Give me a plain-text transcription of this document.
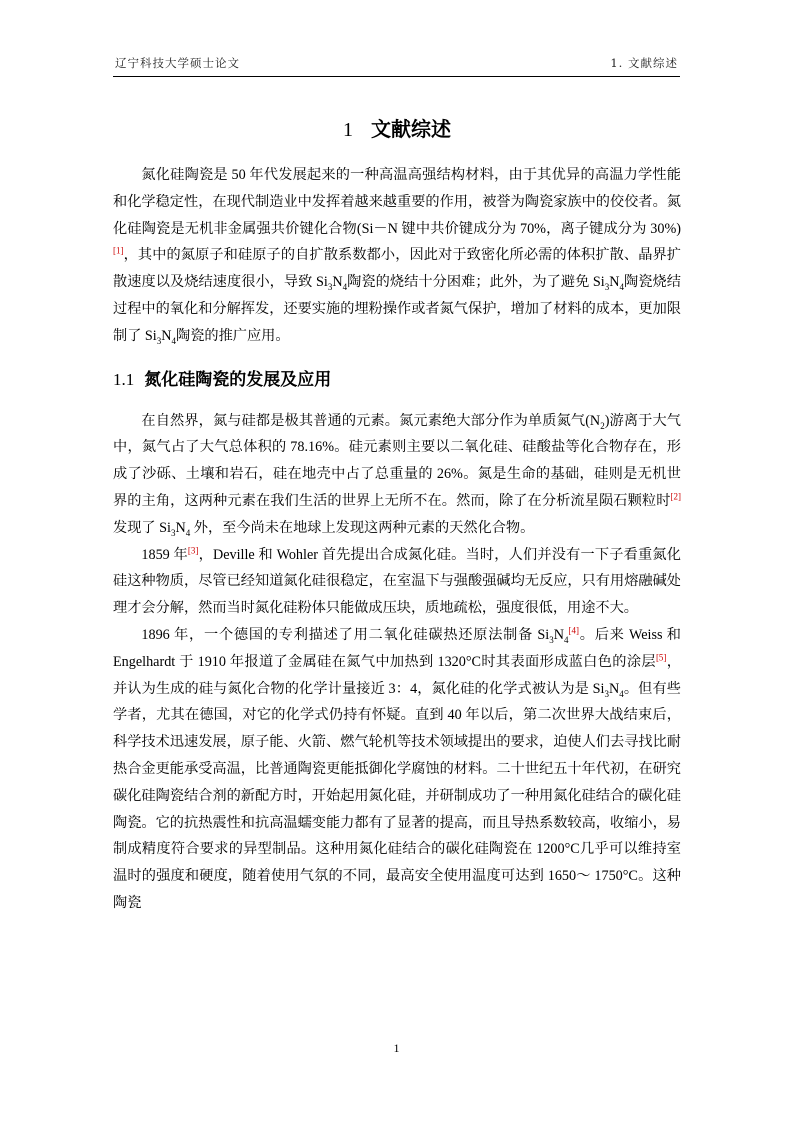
辽宁科技大学硕士论文	1. 文献综述
1 文献综述

氮化硅陶瓷是 50 年代发展起来的一种高温高强结构材料，由于其优异的高温力学性能和化学稳定性，在现代制造业中发挥着越来越重要的作用，被誉为陶瓷家族中的佼佼者。氮化硅陶瓷是无机非金属强共价键化合物(Si－N 键中共价键成分为 70%，离子键成分为 30%)[1]，其中的氮原子和硅原子的自扩散系数都小，因此对于致密化所必需的体积扩散、晶界扩散速度以及烧结速度很小，导致 $Si_3N_4$陶瓷的烧结十分困难；此外，为了避免 $Si_3N_4$陶瓷烧结过程中的氧化和分解挥发，还要实施的埋粉操作或者氮气保护，增加了材料的成本，更加限制了 $Si_3N_4$陶瓷的推广应用。

1.1 氮化硅陶瓷的发展及应用

在自然界，氮与硅都是极其普通的元素。氮元素绝大部分作为单质氮气$(N_2)$游离于大气中，氮气占了大气总体积的 78.16%。硅元素则主要以二氧化硅、硅酸盐等化合物存在，形成了沙砾、土壤和岩石，硅在地壳中占了总重量的 26%。氮是生命的基础，硅则是无机世界的主角，这两种元素在我们生活的世界上无所不在。然而，除了在分析流星陨石颗粒时[2]发现了 $Si_3N_4$ 外，至今尚未在地球上发现这两种元素的天然化合物。

1859 年[3]，Deville 和 Wohler 首先提出合成氮化硅。当时，人们并没有一下子看重氮化硅这种物质，尽管已经知道氮化硅很稳定，在室温下与强酸强碱均无反应，只有用熔融碱处理才会分解，然而当时氮化硅粉体只能做成压块，质地疏松，强度很低，用途不大。

1896 年，一个德国的专利描述了用二氧化硅碳热还原法制备 $Si_3N_4[4]$。后来 Weiss 和 Engelhardt 于 1910 年报道了金属硅在氮气中加热到 1320°C时其表面形成蓝白色的涂层[5]，并认为生成的硅与氮化合物的化学计量接近 3：4，氮化硅的化学式被认为是 $Si_3N_4$。但有些学者，尤其在德国，对它的化学式仍持有怀疑。直到 40 年以后，第二次世界大战结束后，科学技术迅速发展，原子能、火箭、燃气轮机等技术领域提出的要求，迫使人们去寻找比耐热合金更能承受高温，比普通陶瓷更能抵御化学腐蚀的材料。二十世纪五十年代初，在研究碳化硅陶瓷结合剂的新配方时，开始起用氮化硅，并研制成功了一种用氮化硅结合的碳化硅陶瓷。它的抗热震性和抗高温蠕变能力都有了显著的提高，而且导热系数较高，收缩小，易制成精度符合要求的异型制品。这种用氮化硅结合的碳化硅陶瓷在 1200°C几乎可以维持室温时的强度和硬度，随着使用气氛的不同，最高安全使用温度可达到 1650～ 1750°C。这种陶瓷

1
